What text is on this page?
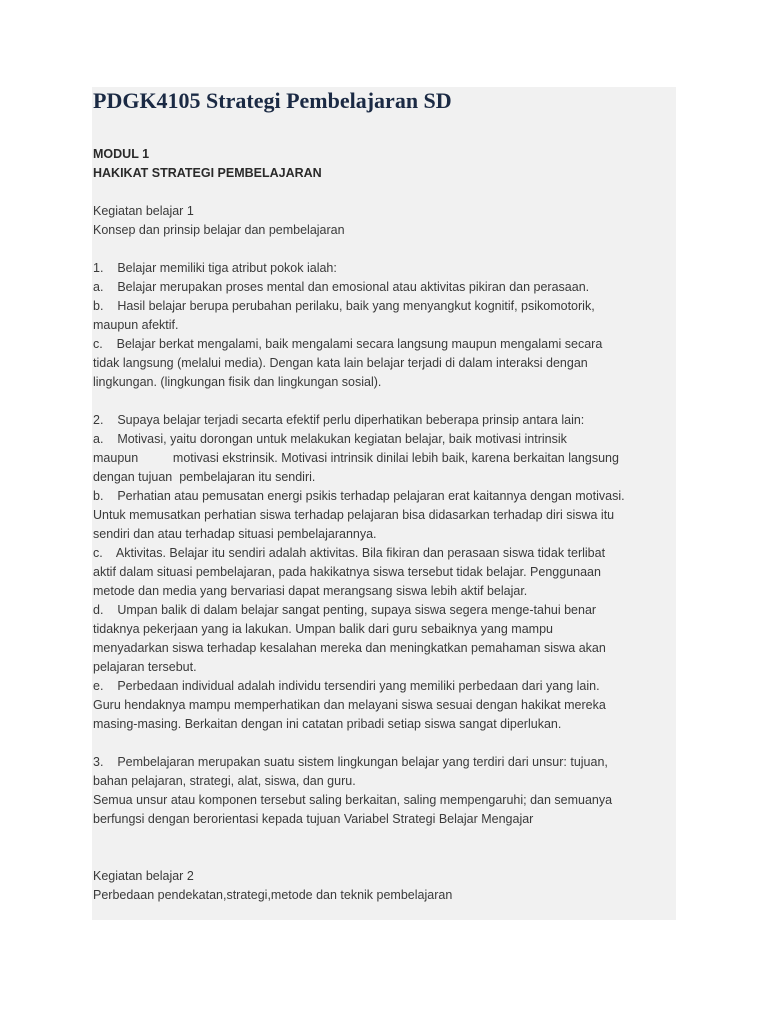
PDGK4105 Strategi Pembelajaran SD
MODUL 1
HAKIKAT STRATEGI PEMBELAJARAN
Kegiatan belajar 1
Konsep dan prinsip belajar dan pembelajaran
1.    Belajar memiliki tiga atribut pokok ialah:
a.    Belajar merupakan proses mental dan emosional atau aktivitas pikiran dan perasaan.
b.    Hasil belajar berupa perubahan perilaku, baik yang menyangkut kognitif, psikomotorik,
maupun afektif.
c.    Belajar berkat mengalami, baik mengalami secara langsung maupun mengalami secara
tidak langsung (melalui media). Dengan kata lain belajar terjadi di dalam interaksi dengan
lingkungan. (lingkungan fisik dan lingkungan sosial).
2.    Supaya belajar terjadi secarta efektif perlu diperhatikan beberapa prinsip antara lain:
a.    Motivasi, yaitu dorongan untuk melakukan kegiatan belajar, baik motivasi intrinsik
maupun          motivasi ekstrinsik. Motivasi intrinsik dinilai lebih baik, karena berkaitan langsung
dengan tujuan  pembelajaran itu sendiri.
b.    Perhatian atau pemusatan energi psikis terhadap pelajaran erat kaitannya dengan motivasi.
Untuk memusatkan perhatian siswa terhadap pelajaran bisa didasarkan terhadap diri siswa itu
sendiri dan atau terhadap situasi pembelajarannya.
c.    Aktivitas. Belajar itu sendiri adalah aktivitas. Bila fikiran dan perasaan siswa tidak terlibat
aktif dalam situasi pembelajaran, pada hakikatnya siswa tersebut tidak belajar. Penggunaan
metode dan media yang bervariasi dapat merangsang siswa lebih aktif belajar.
d.    Umpan balik di dalam belajar sangat penting, supaya siswa segera menge-tahui benar
tidaknya pekerjaan yang ia lakukan. Umpan balik dari guru sebaiknya yang mampu
menyadarkan siswa terhadap kesalahan mereka dan meningkatkan pemahaman siswa akan
pelajaran tersebut.
e.    Perbedaan individual adalah individu tersendiri yang memiliki perbedaan dari yang lain.
Guru hendaknya mampu memperhatikan dan melayani siswa sesuai dengan hakikat mereka
masing-masing. Berkaitan dengan ini catatan pribadi setiap siswa sangat diperlukan.
3.    Pembelajaran merupakan suatu sistem lingkungan belajar yang terdiri dari unsur: tujuan,
bahan pelajaran, strategi, alat, siswa, dan guru.
Semua unsur atau komponen tersebut saling berkaitan, saling mempengaruhi; dan semuanya
berfungsi dengan berorientasi kepada tujuan Variabel Strategi Belajar Mengajar
Kegiatan belajar 2
Perbedaan pendekatan,strategi,metode dan teknik pembelajaran
